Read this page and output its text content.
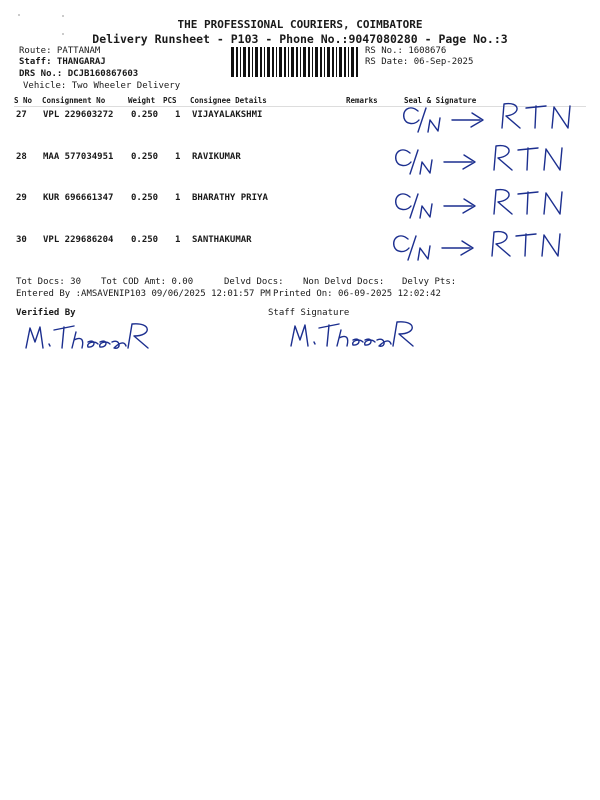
THE PROFESSIONAL COURIERS, COIMBATORE
Delivery Runsheet - P103 - Phone No.:9047080280 - Page No.:3
Route: PATTANAM
Staff: THANGARAJ
DRS No.: DCJB160867603
Vehicle: Two Wheeler Delivery
RS No.: 1608676
RS Date: 06-Sep-2025
S No Consignment No	Weight PCS Consignee Details	Remarks	Seal & Signature
27 VPL 229603272 0.250 1 VIJAYALAKSHMI
28 MAA 577034951 0.250 1 RAVIKUMAR
29 KUR 696661347 0.250 1 BHARATHY PRIYA
30 VPL 229686204 0.250 1 SANTHAKUMAR
Tot Docs: 30 Tot COD Amt: 0.00	Delvd Docs: Non Delvd Docs: Delvy Pts:
Entered By :AMSAVENIP103 09/06/2025 12:01:57 PM Printed On: 06-09-2025 12:02:42
Verified By	Staff Signature
